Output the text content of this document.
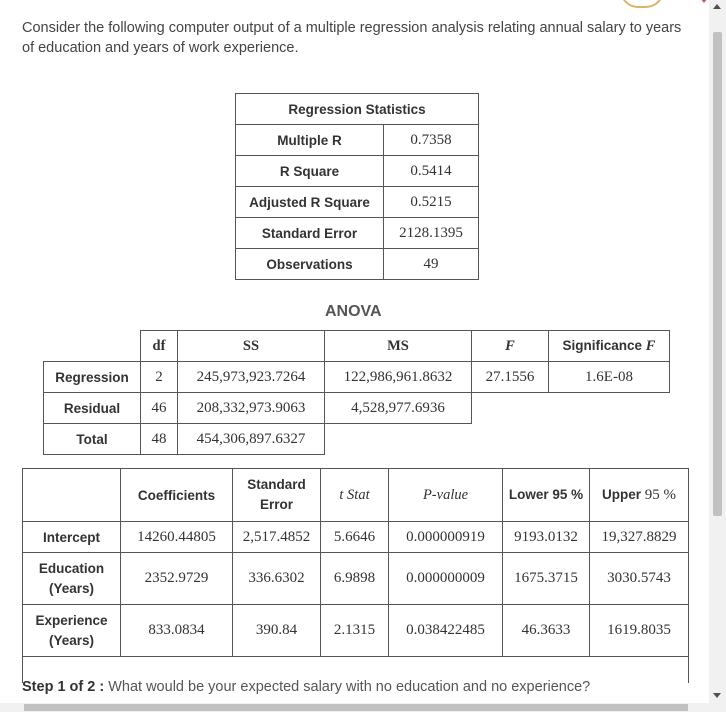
Consider the following computer output of a multiple regression analysis relating annual salary to years of education and years of work experience.
Regression Statistics	
Multiple R	0.7358
R Square	0.5414
Adjusted R Square	0.5215
Standard Error	2128.1395
Observations	49
ANOVA
	df	SS	MS	F	Significance F
Regression	2	245,973,923.7264	122,986,961.8632	27.1556	1.6E-08
Residual	46	208,332,973.9063	4,528,977.6936		
Total	48	454,306,897.6327			
	Coefficients	Standard Error	t Stat	P-value	Lower 95 %	Upper 95 %
Intercept	14260.44805	2,517.4852	5.6646	0.000000919	9193.0132	19,327.8829
Education (Years)	2352.9729	336.6302	6.9898	0.000000009	1675.3715	3030.5743
Experience (Years)	833.0834	390.84	2.1315	0.038422485	46.3633	1619.8035

Step 1 of 2 : What would be your expected salary with no education and no experience?
